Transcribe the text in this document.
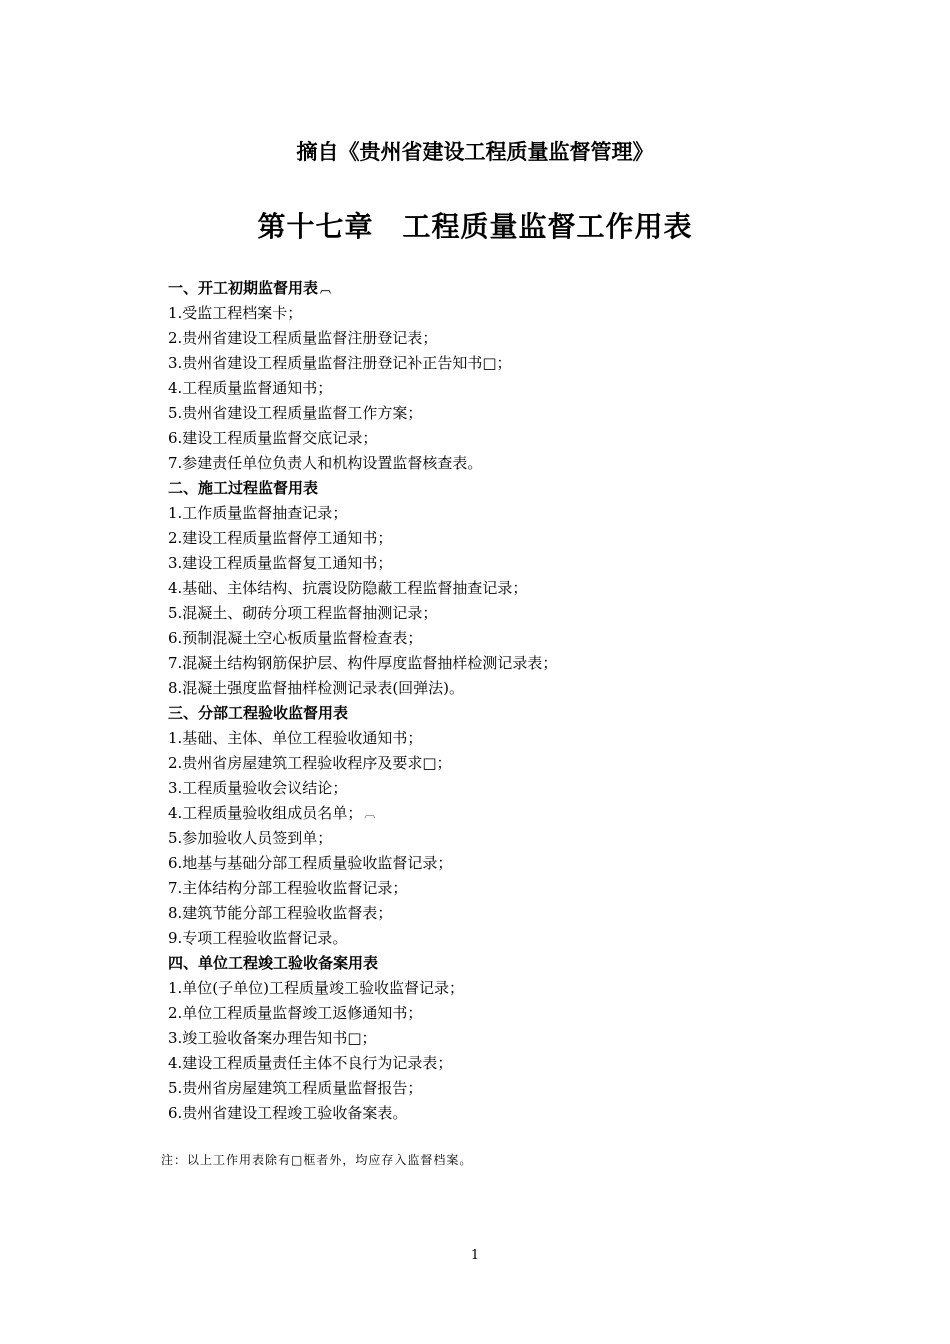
摘自《贵州省建设工程质量监督管理》
第十七章　工程质量监督工作用表
一、开工初期监督用表 ︹
1.受监工程档案卡；
2.贵州省建设工程质量监督注册登记表；
3.贵州省建设工程质量监督注册登记补正告知书□；
4.工程质量监督通知书；
5.贵州省建设工程质量监督工作方案；
6.建设工程质量监督交底记录；
7.参建责任单位负责人和机构设置监督核查表。
二、施工过程监督用表
1.工作质量监督抽查记录；
2.建设工程质量监督停工通知书；
3.建设工程质量监督复工通知书；
4.基础、主体结构、抗震设防隐蔽工程监督抽查记录；
5.混凝土、砌砖分项工程监督抽测记录；
6.预制混凝土空心板质量监督检查表；
7.混凝土结构钢筋保护层、构件厚度监督抽样检测记录表；
8.混凝土强度监督抽样检测记录表(回弹法)。
三、分部工程验收监督用表
1.基础、主体、单位工程验收通知书；
2.贵州省房屋建筑工程验收程序及要求□；
3.工程质量验收会议结论；
4.工程质量验收组成员名单； ︹
5.参加验收人员签到单；
6.地基与基础分部工程质量验收监督记录；
7.主体结构分部工程验收监督记录；
8.建筑节能分部工程验收监督表；
9.专项工程验收监督记录。
四、单位工程竣工验收备案用表
1.单位(子单位)工程质量竣工验收监督记录；
2.单位工程质量监督竣工返修通知书；
3.竣工验收备案办理告知书□；
4.建设工程质量责任主体不良行为记录表；
5.贵州省房屋建筑工程质量监督报告；
6.贵州省建设工程竣工验收备案表。
注：以上工作用表除有□框者外，均应存入监督档案。
1
